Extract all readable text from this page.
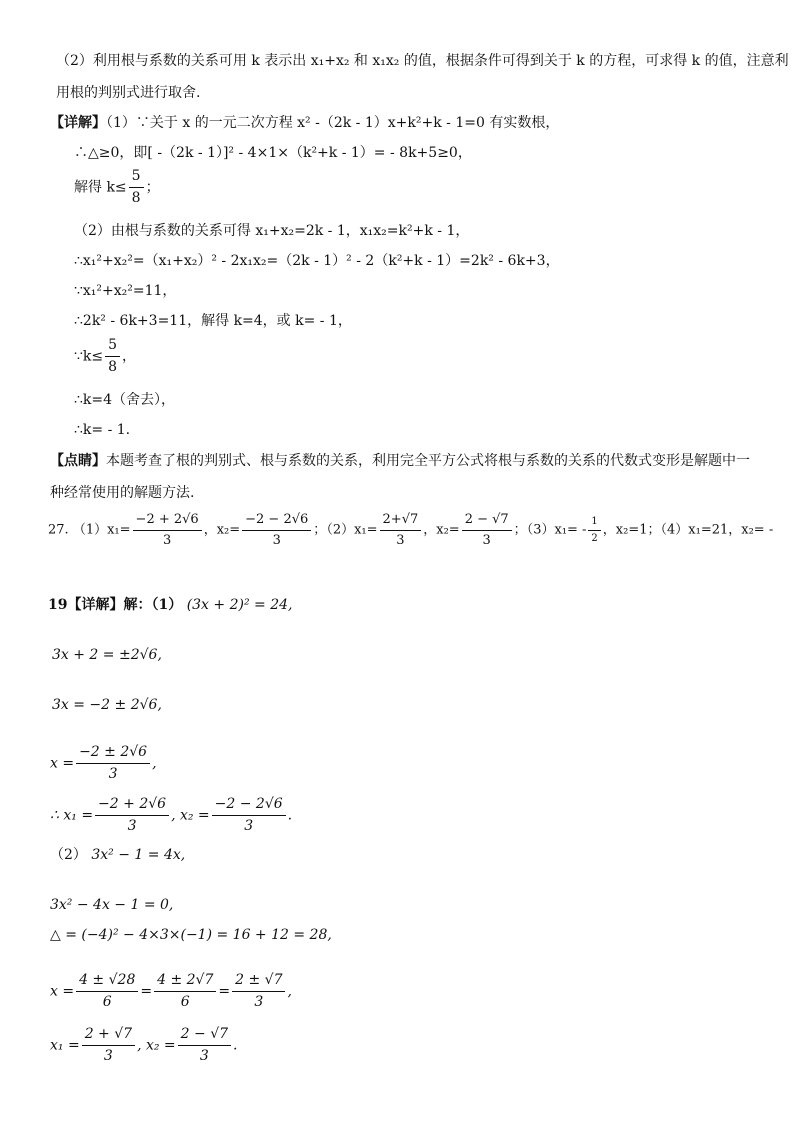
（2）利用根与系数的关系可用 k 表示出 x₁+x₂ 和 x₁x₂ 的值，根据条件可得到关于 k 的方程，可求得 k 的值，注意利
用根的判别式进行取舍.
【详解】（1）∵关于 x 的一元二次方程 x² -（2k - 1）x+k²+k - 1=0 有实数根，
∴△≥0，即[ -（2k - 1）]² - 4×1×（k²+k - 1）= - 8k+5≥0，
解得 $k\le \frac{5}{8}$ ；
（2）由根与系数的关系可得 x₁+x₂=2k - 1，x₁x₂=k²+k - 1，
∴x₁²+x₂²=（x₁+x₂）² - 2x₁x₂=（2k - 1）² - 2（k²+k - 1）=2k² - 6k+3，
∵x₁²+x₂²=11，
∴2k² - 6k+3=11，解得 k=4，或 k= - 1，
∵k≤ $\frac{5}{8}$ ，
∴k=4（舍去），
∴k= - 1.
【点睛】本题考查了根的判别式、根与系数的关系，利用完全平方公式将根与系数的关系的代数式变形是解题中一
种经常使用的解题方法.
27. $(1)x_1= \frac{-2 + 2√6}{3}$ ，$x_2= \frac{-2 - 2√6}{3}$ ；$(2)x_1= \frac{2+√7}{3}$ ，$x_2= \frac{2 - √7}{3}$ ；$(3)x_1= - \frac{1}{2}$ ，x₂=1；（4）x₁=21，x₂= -
19【详解】解：（1） (3x + 2)² = 24,
3x + 2 = ±2√6,
3x = −2 ± 2√6,
$x = \frac{-2 \pm 2√6}{3}$ ,
∴ $x_1 = \frac{-2 + 2√6}{3}$ , $x_2 = \frac{-2 - 2√6}{3}$ .
（2） 3x² − 1 = 4x,
3x² − 4x − 1 = 0,
△ = (−4)² − 4×3×(−1) = 16 + 12 = 28,
$x = \frac{4 \pm √28}{6} = \frac{4 \pm 2√7}{6} = \frac{2 \pm √7}{3}$ ,
$x_1 = \frac{2 + √7}{3}$ , $x_2 = \frac{2 - √7}{3}$ .
